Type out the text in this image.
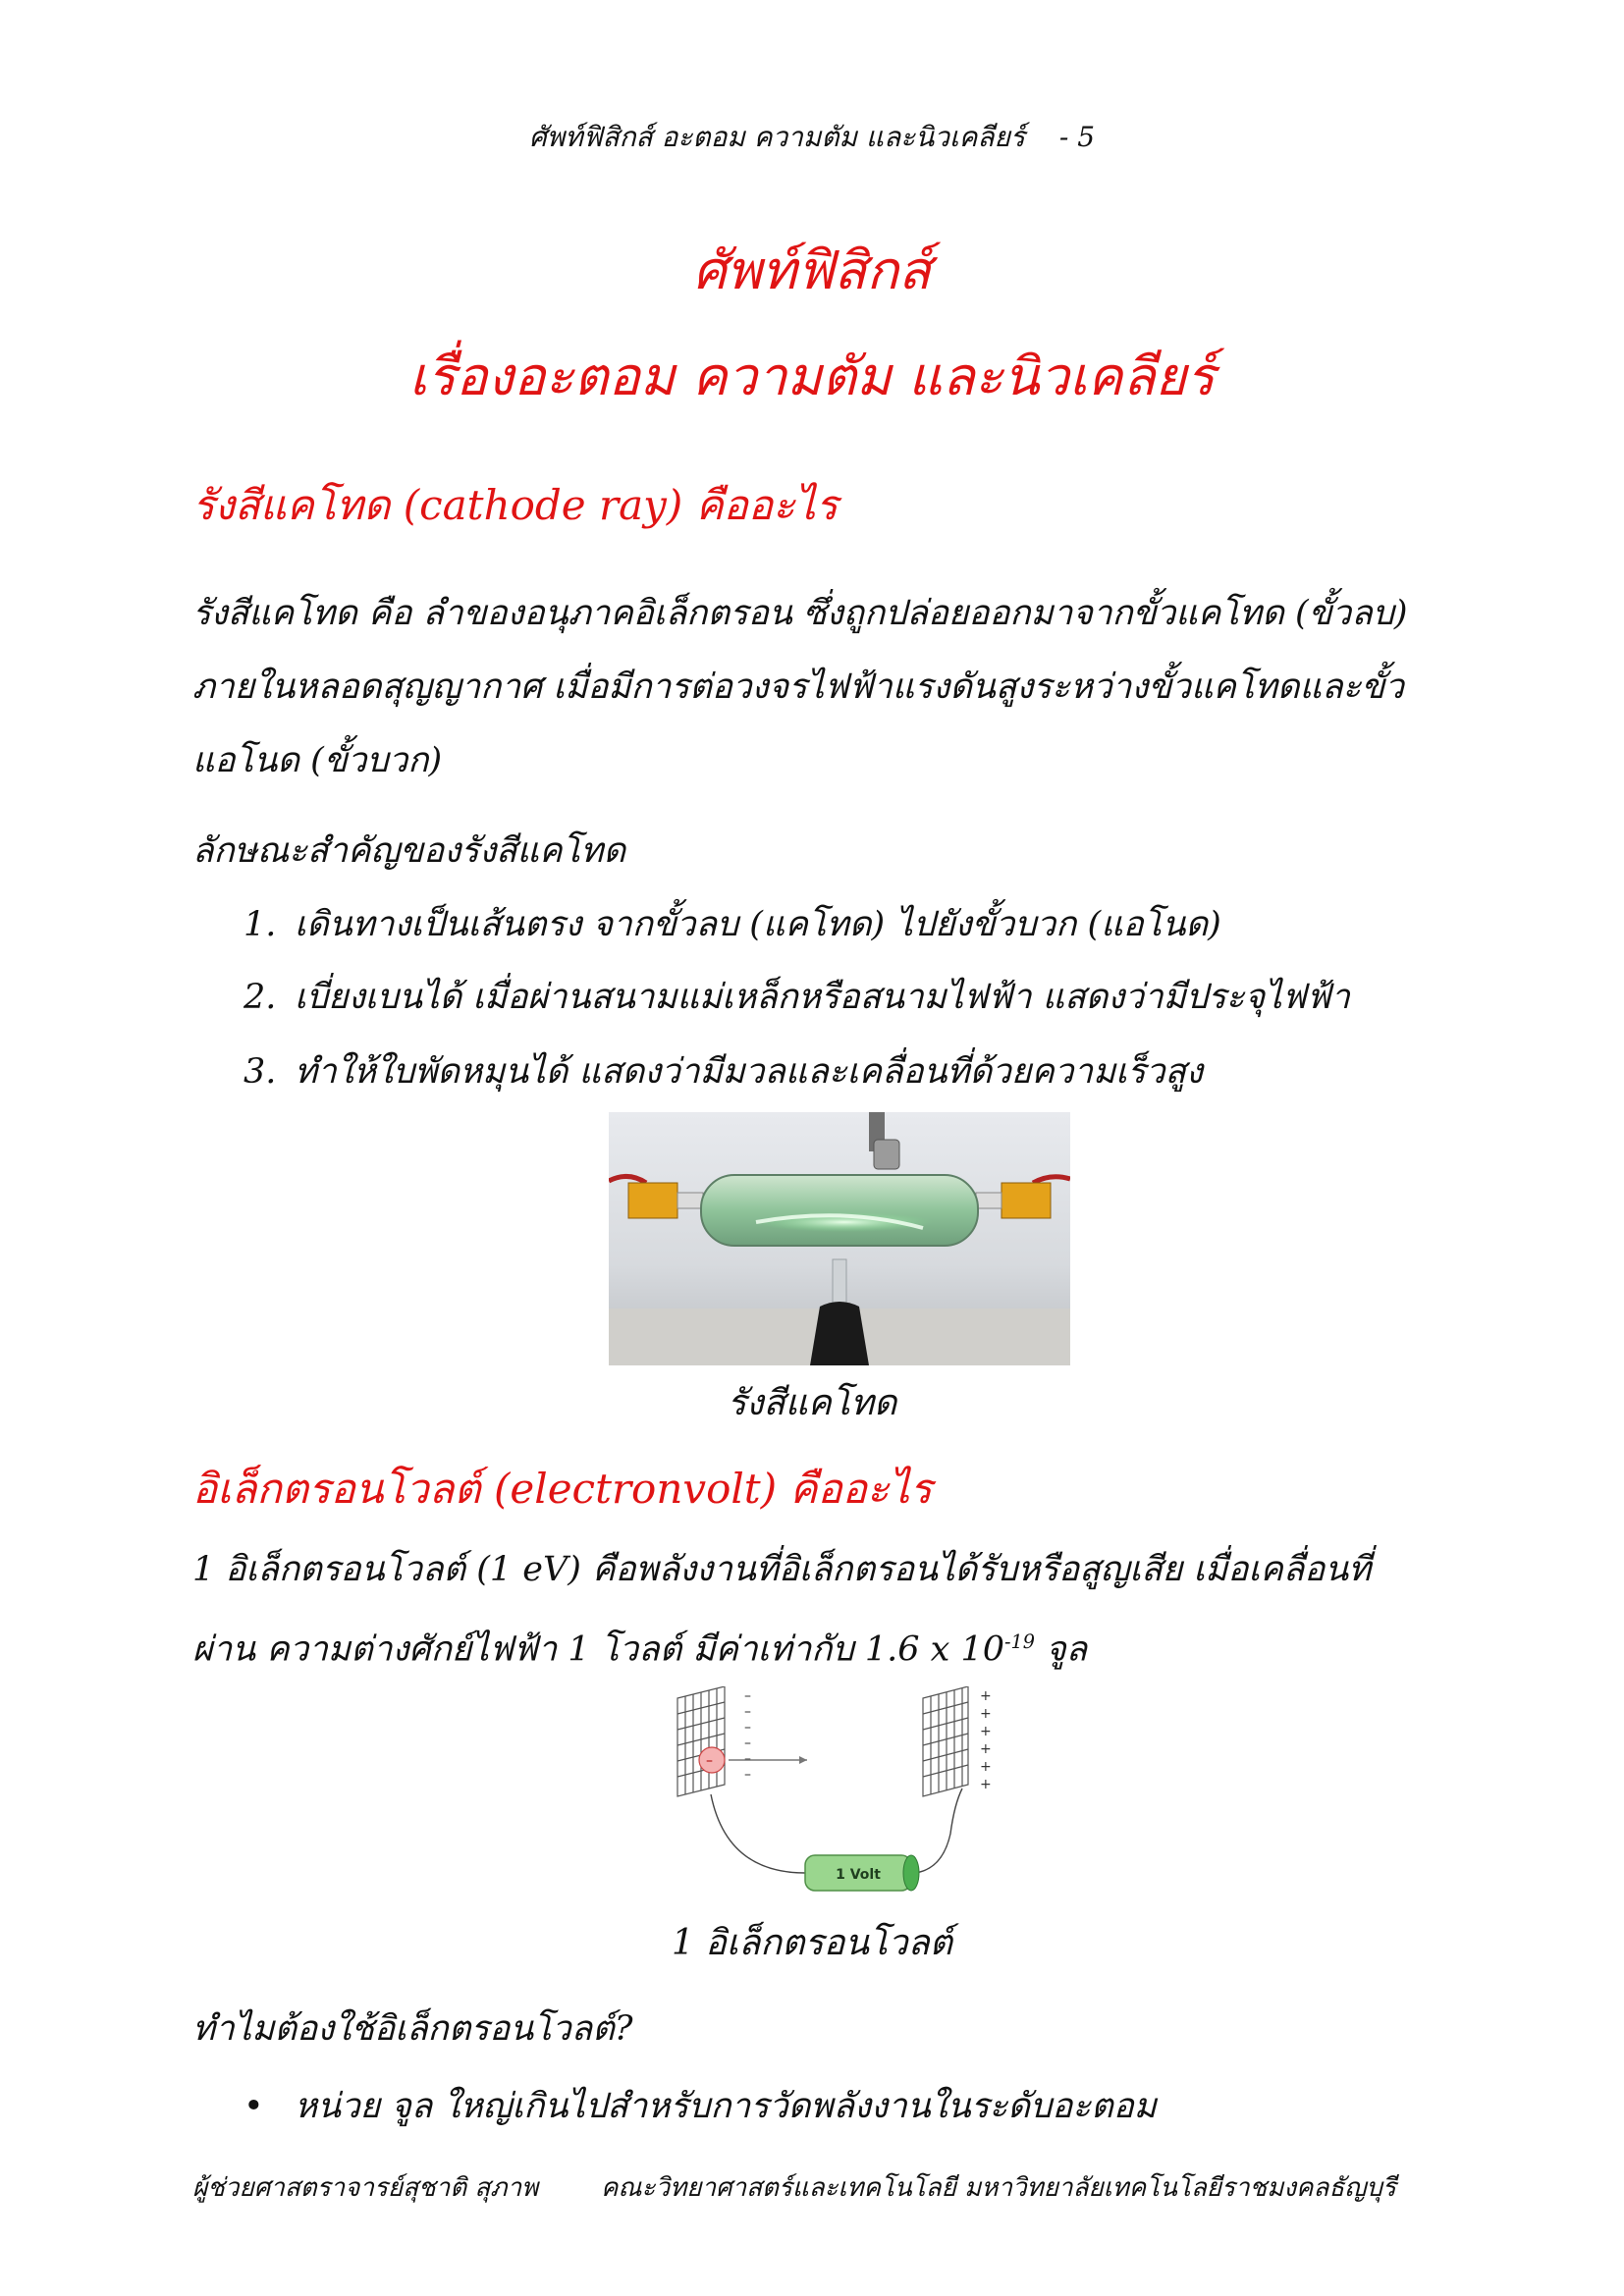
ศัพท์ฟิสิกส์ อะตอม ความตัม และนิวเคลียร์ - 5
ศัพท์ฟิสิกส์
เรื่องอะตอม ความตัม และนิวเคลียร์
รังสีแคโทด (cathode ray) คืออะไร
รังสีแคโทด คือ ลำของอนุภาคอิเล็กตรอน ซึ่งถูกปล่อยออกมาจากขั้วแคโทด (ขั้วลบ) ภายในหลอดสุญญากาศ เมื่อมีการต่อวงจรไฟฟ้าแรงดันสูงระหว่างขั้วแคโทดและขั้วแอโนด (ขั้วบวก)
ลักษณะสำคัญของรังสีแคโทด
1. เดินทางเป็นเส้นตรง จากขั้วลบ (แคโทด) ไปยังขั้วบวก (แอโนด)
2. เบี่ยงเบนได้ เมื่อผ่านสนามแม่เหล็กหรือสนามไฟฟ้า แสดงว่ามีประจุไฟฟ้า
3. ทำให้ใบพัดหมุนได้ แสดงว่ามีมวลและเคลื่อนที่ด้วยความเร็วสูง
รังสีแคโทด
อิเล็กตรอนโวลต์ (electronvolt) คืออะไร
1 อิเล็กตรอนโวลต์ (1 eV) คือพลังงานที่อิเล็กตรอนได้รับหรือสูญเสีย เมื่อเคลื่อนที่
ผ่าน ความต่างศักย์ไฟฟ้า 1 โวลต์ มีค่าเท่ากับ 1.6 x $10^{-19}$ จูล
–
–
–
–
–
–
–
+
+
+
+
+
+
1 Volt
1 อิเล็กตรอนโวลต์
ทำไมต้องใช้อิเล็กตรอนโวลต์?
• หน่วย จูล ใหญ่เกินไปสำหรับการวัดพลังงานในระดับอะตอม
ผู้ช่วยศาสตราจารย์สุชาติ สุภาพ คณะวิทยาศาสตร์และเทคโนโลยี มหาวิทยาลัยเทคโนโลยีราชมงคลธัญบุรี
